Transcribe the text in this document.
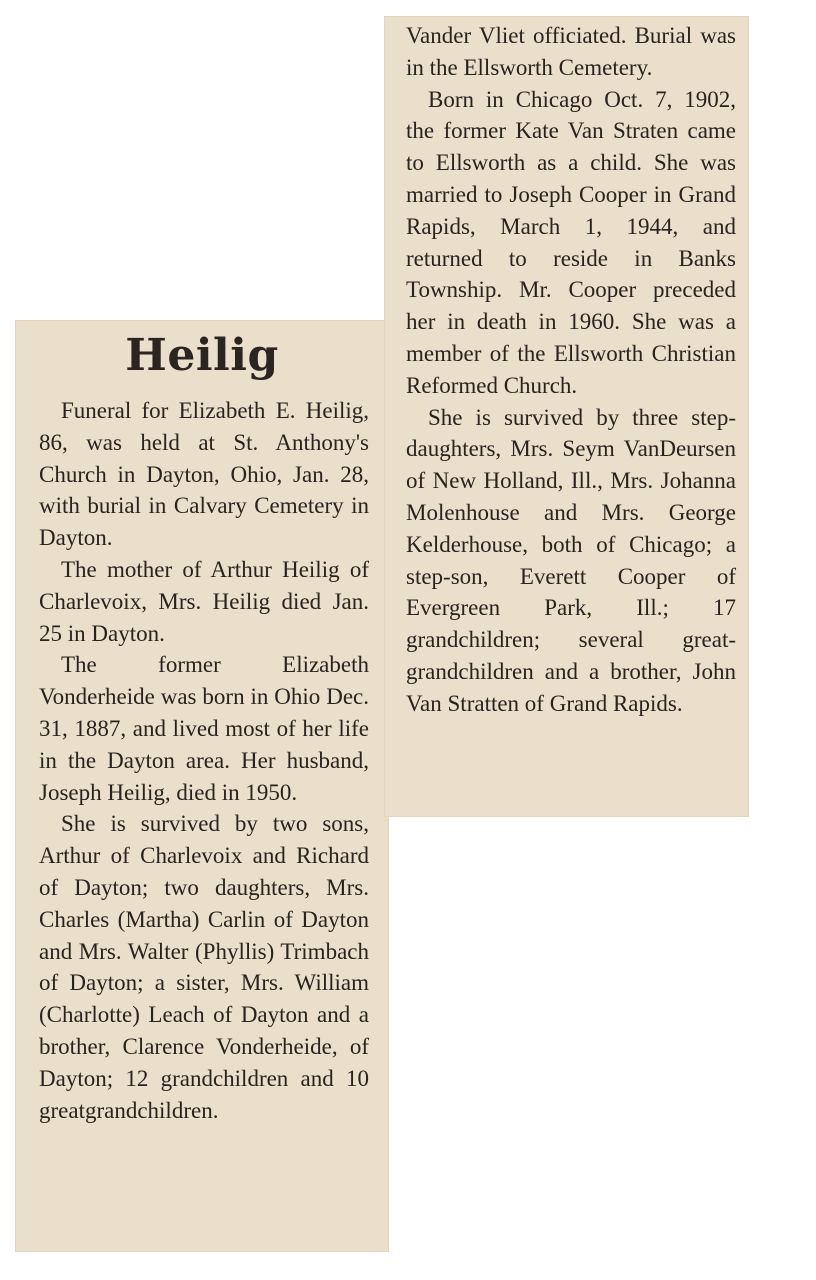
Heilig

Funeral for Elizabeth E. Heilig, 86, was held at St. Anthony's Church in Dayton, Ohio, Jan. 28, with burial in Calvary Cemetery in Dayton.

The mother of Arthur Heilig of Charlevoix, Mrs. Heilig died Jan. 25 in Dayton.

The former Elizabeth Vonderheide was born in Ohio Dec. 31, 1887, and lived most of her life in the Dayton area. Her husband, Joseph Heilig, died in 1950.

She is survived by two sons, Arthur of Charlevoix and Richard of Dayton; two daughters, Mrs. Charles (Martha) Carlin of Dayton and Mrs. Walter (Phyllis) Trimbach of Dayton; a sister, Mrs. William (Charlotte) Leach of Dayton and a brother, Clarence Vonderheide, of Dayton; 12 grandchildren and 10 greatgrandchildren.

Vander Vliet officiated. Burial was in the Ellsworth Cemetery.

Born in Chicago Oct. 7, 1902, the former Kate Van Straten came to Ellsworth as a child. She was married to Joseph Cooper in Grand Rapids, March 1, 1944, and returned to reside in Banks Township. Mr. Cooper preceded her in death in 1960. She was a member of the Ellsworth Christian Reformed Church.

She is survived by three step-daughters, Mrs. Seym VanDeursen of New Holland, Ill., Mrs. Johanna Molenhouse and Mrs. George Kelderhouse, both of Chicago; a step-son, Everett Cooper of Evergreen Park, Ill.; 17 grandchildren; several great-grandchildren and a brother, John Van Stratten of Grand Rapids.
